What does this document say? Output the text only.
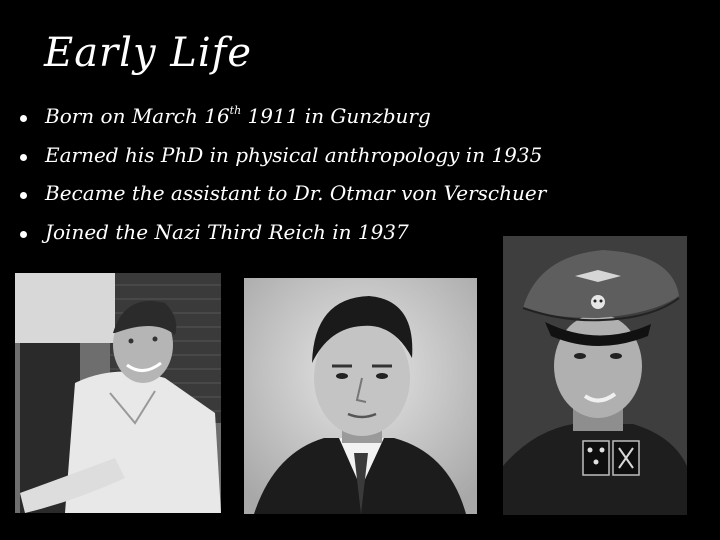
Early Life
Born on March 16th 1911 in Gunzburg
Earned his PhD in physical anthropology in 1935
Became the assistant to Dr. Otmar von Verschuer
Joined the Nazi Third Reich in 1937
